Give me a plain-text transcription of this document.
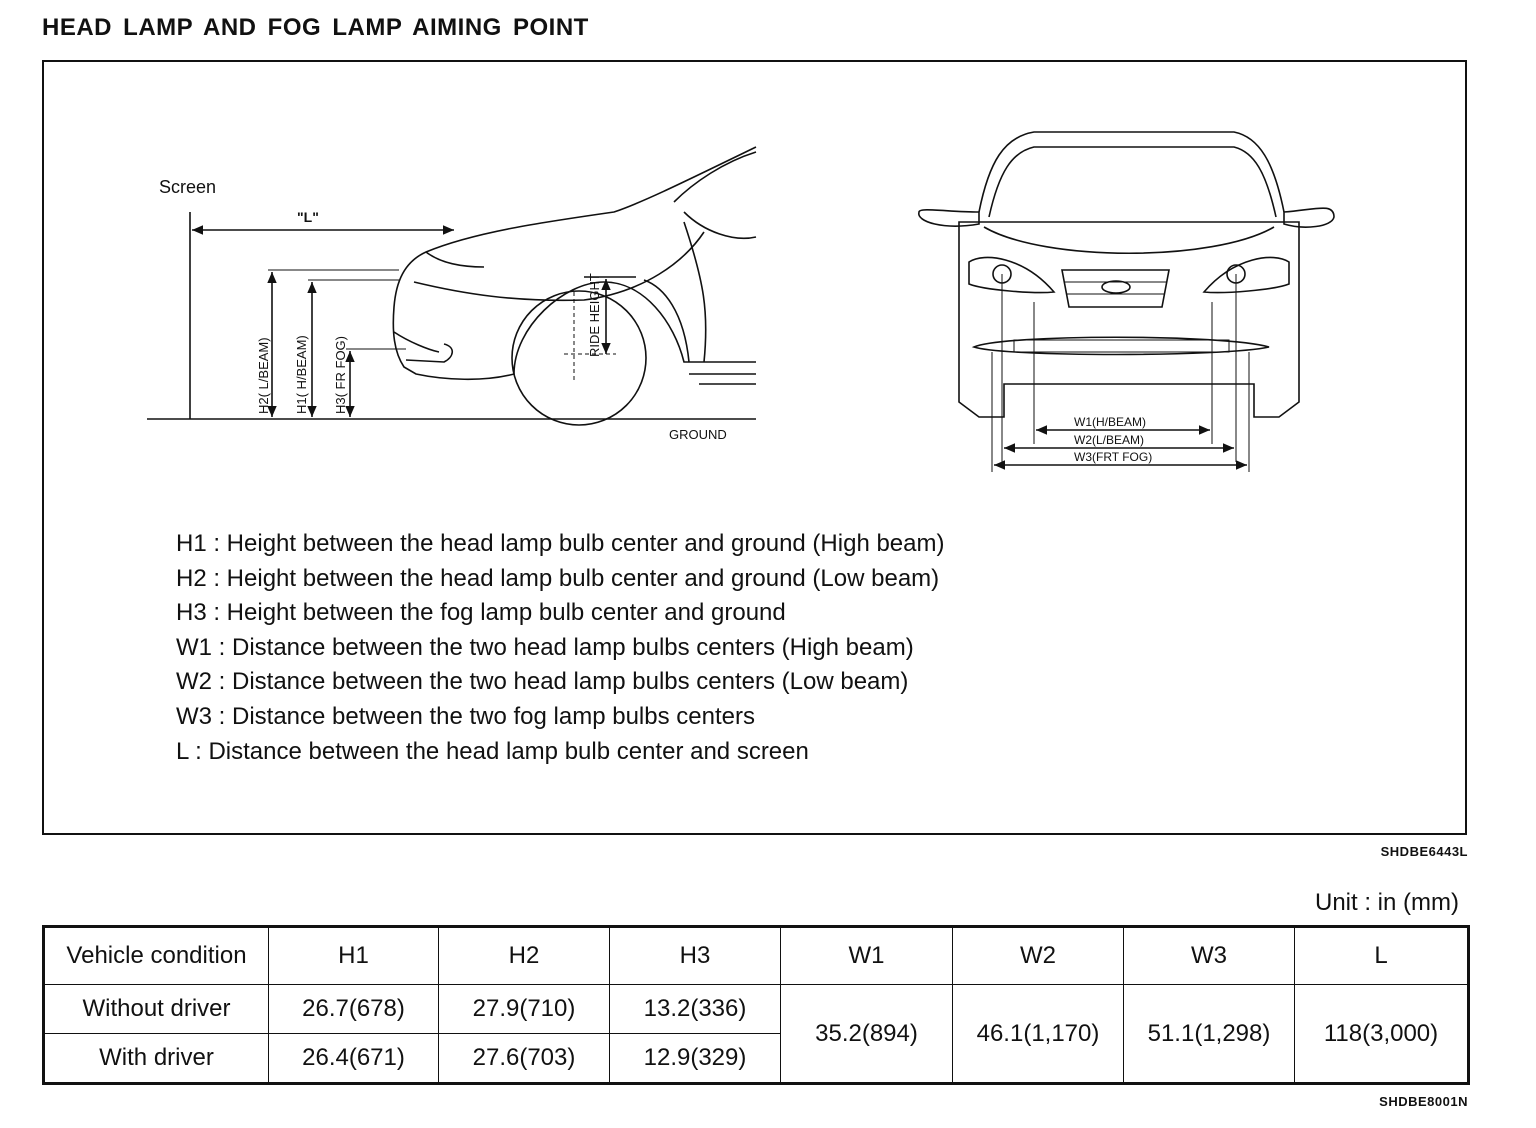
HEAD LAMP AND FOG LAMP AIMING POINT
Screen
"L"
H2( L/BEAM) H1( H/BEAM) H3( FR FOG)
RIDE HEIGHT
GROUND
W1(H/BEAM)
W2(L/BEAM)
W3(FRT FOG)
H1 : Height between the head lamp bulb center and ground (High beam)
H2 : Height between the head lamp bulb center and ground (Low beam)
H3 : Height between the fog lamp bulb center and ground
W1 : Distance between the two head lamp bulbs centers (High beam)
W2 : Distance between the two head lamp bulbs centers (Low beam)
W3 : Distance between the two fog lamp bulbs centers
L : Distance between the head lamp bulb center and screen
SHDBE6443L
Unit : in (mm)
Vehicle condition	H1	H2	H3	W1	W2	W3	L
Without driver	26.7(678)	27.9(710)	13.2(336)	35.2(894)	46.1(1,170)	51.1(1,298)	118(3,000)
With driver	26.4(671)	27.6(703)	12.9(329)				
SHDBE8001N
